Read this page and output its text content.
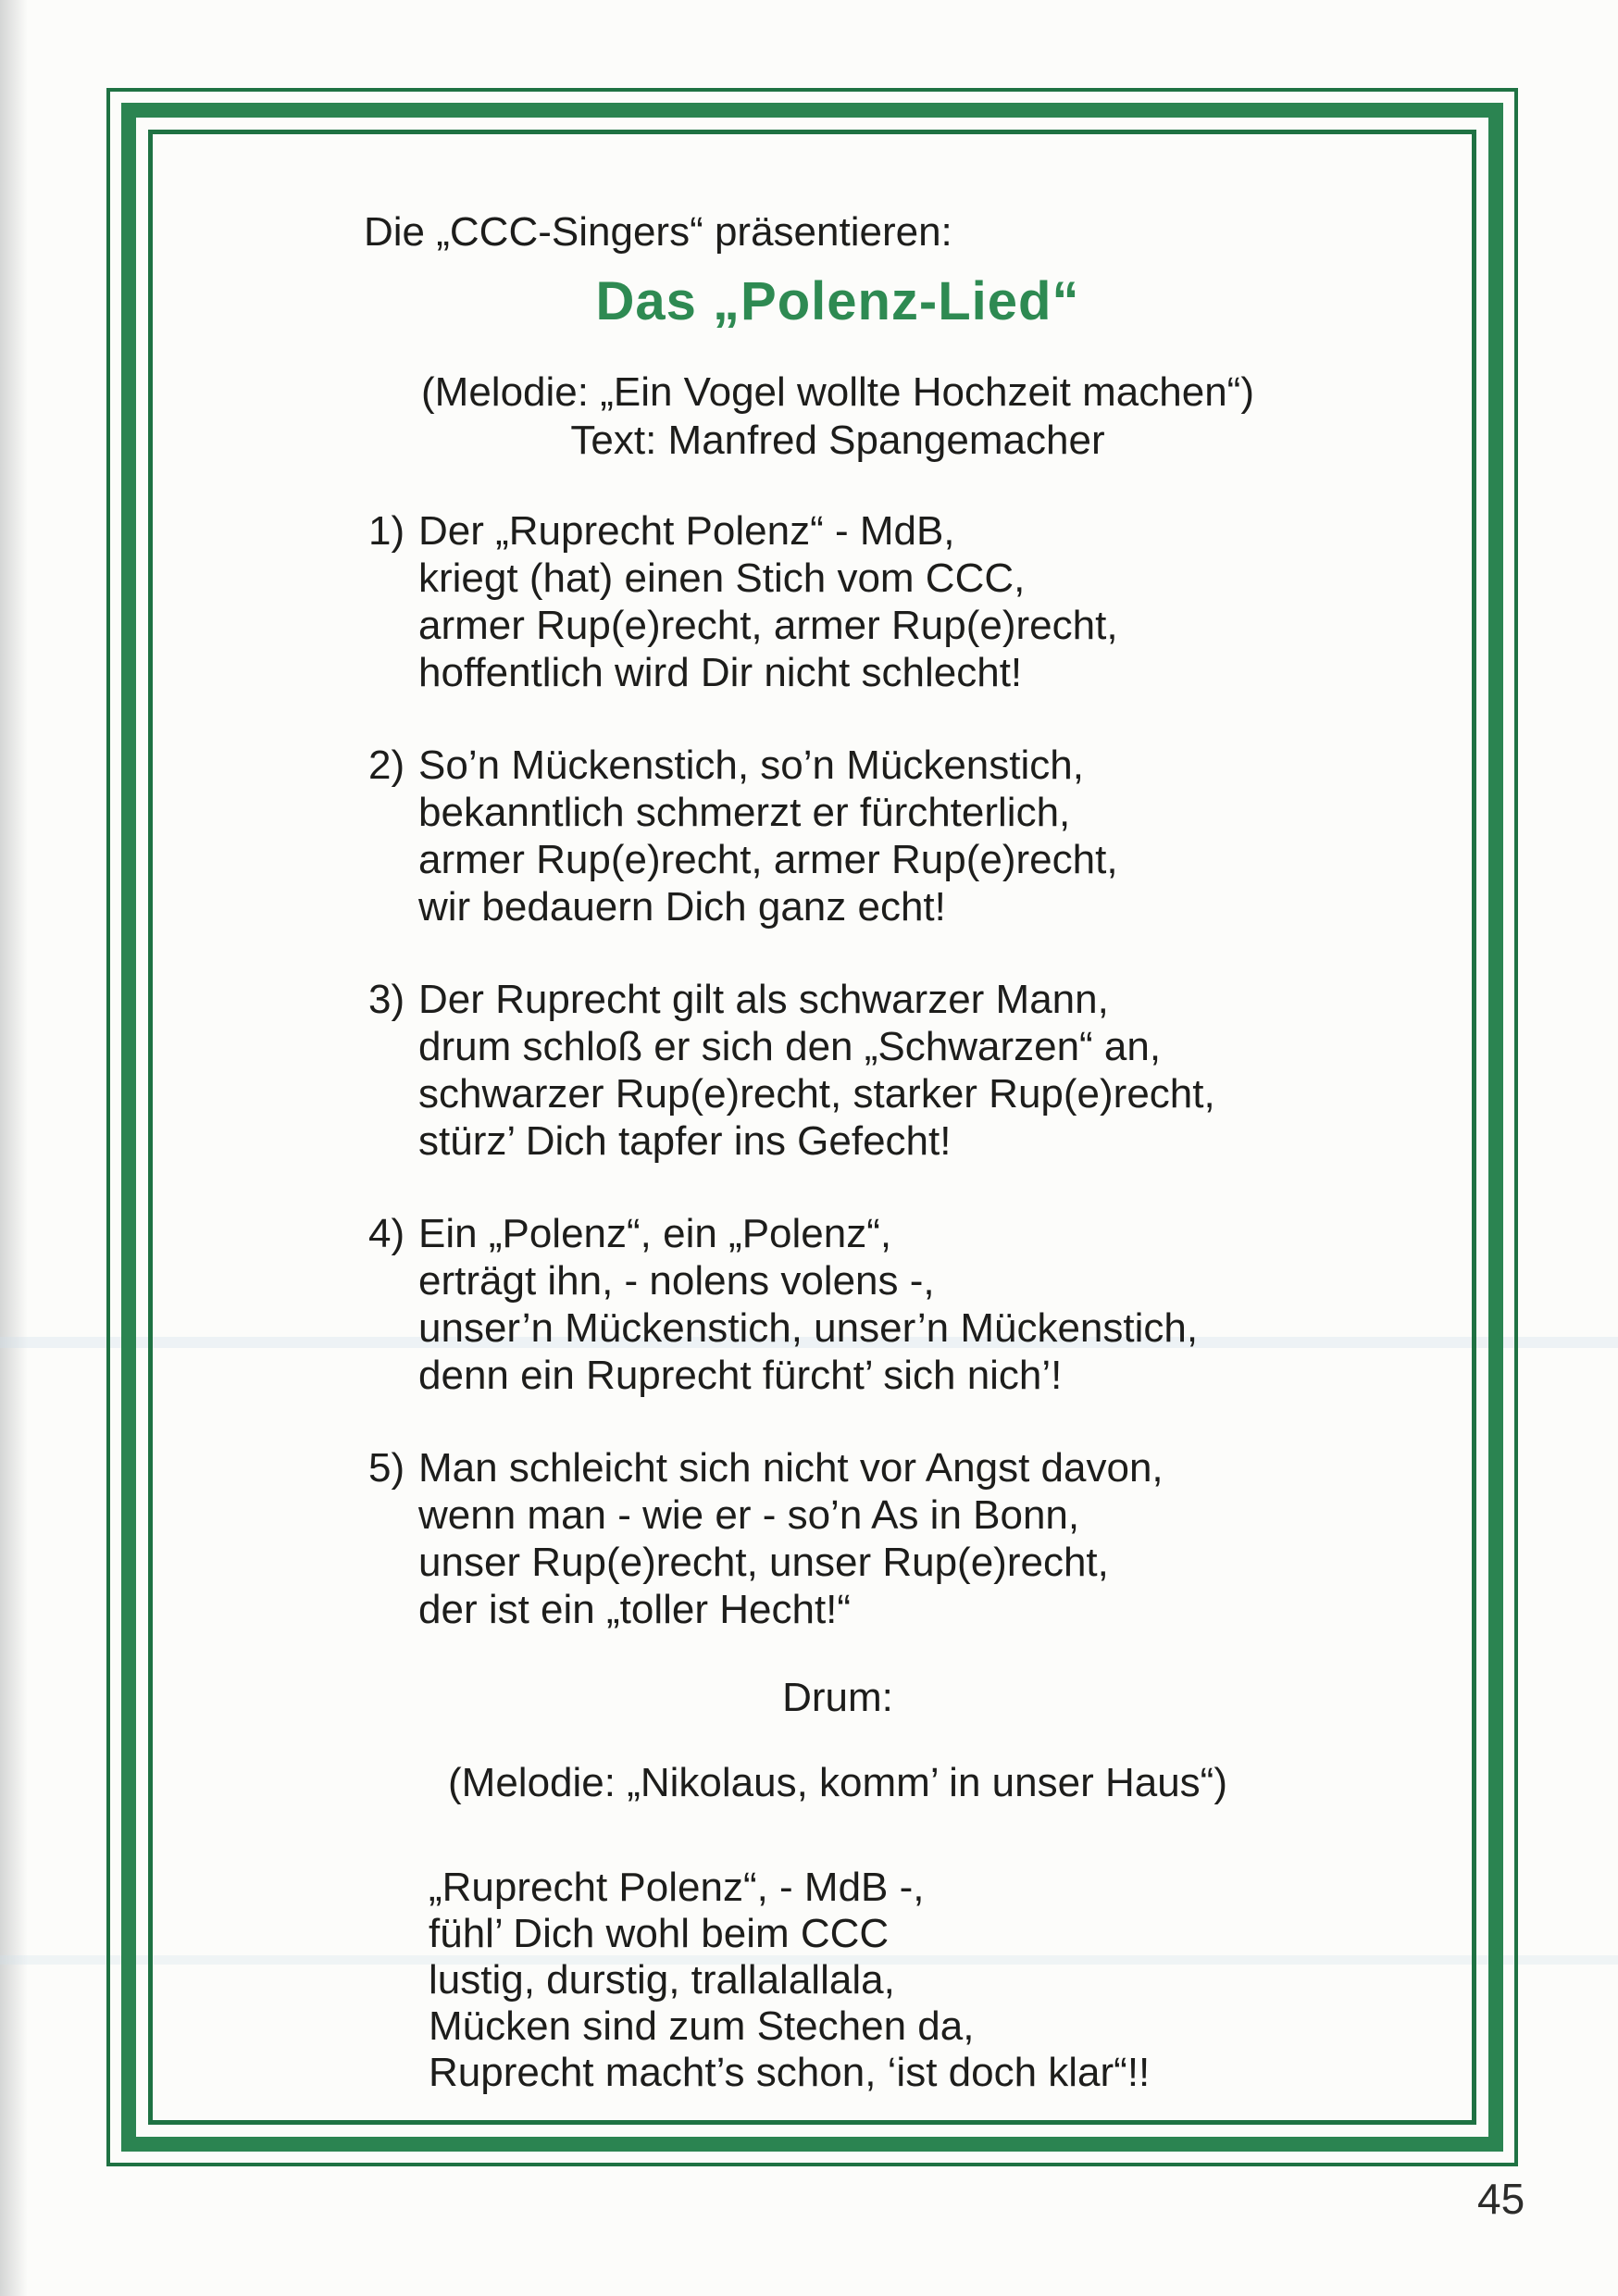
Die „CCC-Singers“ präsentieren:
Das „Polenz-Lied“
(Melodie: „Ein Vogel wollte Hochzeit machen“)
Text: Manfred Spangemacher
1) Der „Ruprecht Polenz“ - MdB,
kriegt (hat) einen Stich vom CCC,
armer Rup(e)recht, armer Rup(e)recht,
hoffentlich wird Dir nicht schlecht!
2) So’n Mückenstich, so’n Mückenstich,
bekanntlich schmerzt er fürchterlich,
armer Rup(e)recht, armer Rup(e)recht,
wir bedauern Dich ganz echt!
3) Der Ruprecht gilt als schwarzer Mann,
drum schloß er sich den „Schwarzen“ an,
schwarzer Rup(e)recht, starker Rup(e)recht,
stürz’ Dich tapfer ins Gefecht!
4) Ein „Polenz“, ein „Polenz“,
erträgt ihn, - nolens volens -,
unser’n Mückenstich, unser’n Mückenstich,
denn ein Ruprecht fürcht’ sich nich’!
5) Man schleicht sich nicht vor Angst davon,
wenn man - wie er - so’n As in Bonn,
unser Rup(e)recht, unser Rup(e)recht,
der ist ein „toller Hecht!“
Drum:
(Melodie: „Nikolaus, komm’ in unser Haus“)
„Ruprecht Polenz“, - MdB -,
fühl’ Dich wohl beim CCC
lustig, durstig, trallalallala,
Mücken sind zum Stechen da,
Ruprecht macht’s schon, ‘ist doch klar“!!
45
